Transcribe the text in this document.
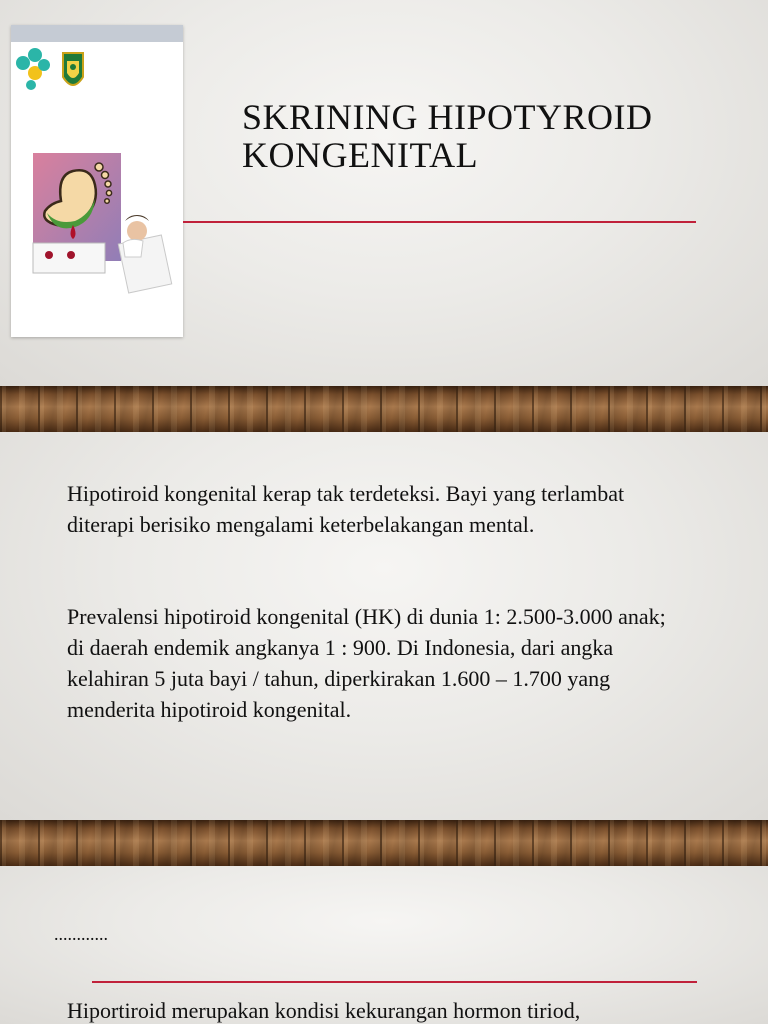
SKRINING HIPOTYROID
KONGENITAL
Hipotiroid kongenital kerap tak terdeteksi. Bayi yang terlambat diterapi berisiko mengalami keterbelakangan mental.
Prevalensi hipotiroid kongenital (HK) di dunia 1: 2.500-3.000 anak; di daerah endemik angkanya 1 : 900. Di Indonesia, dari angka kelahiran 5 juta bayi / tahun, diperkirakan 1.600 – 1.700 yang menderita hipotiroid kongenital.
............
Hiportiroid merupakan kondisi kekurangan hormon tiriod,
